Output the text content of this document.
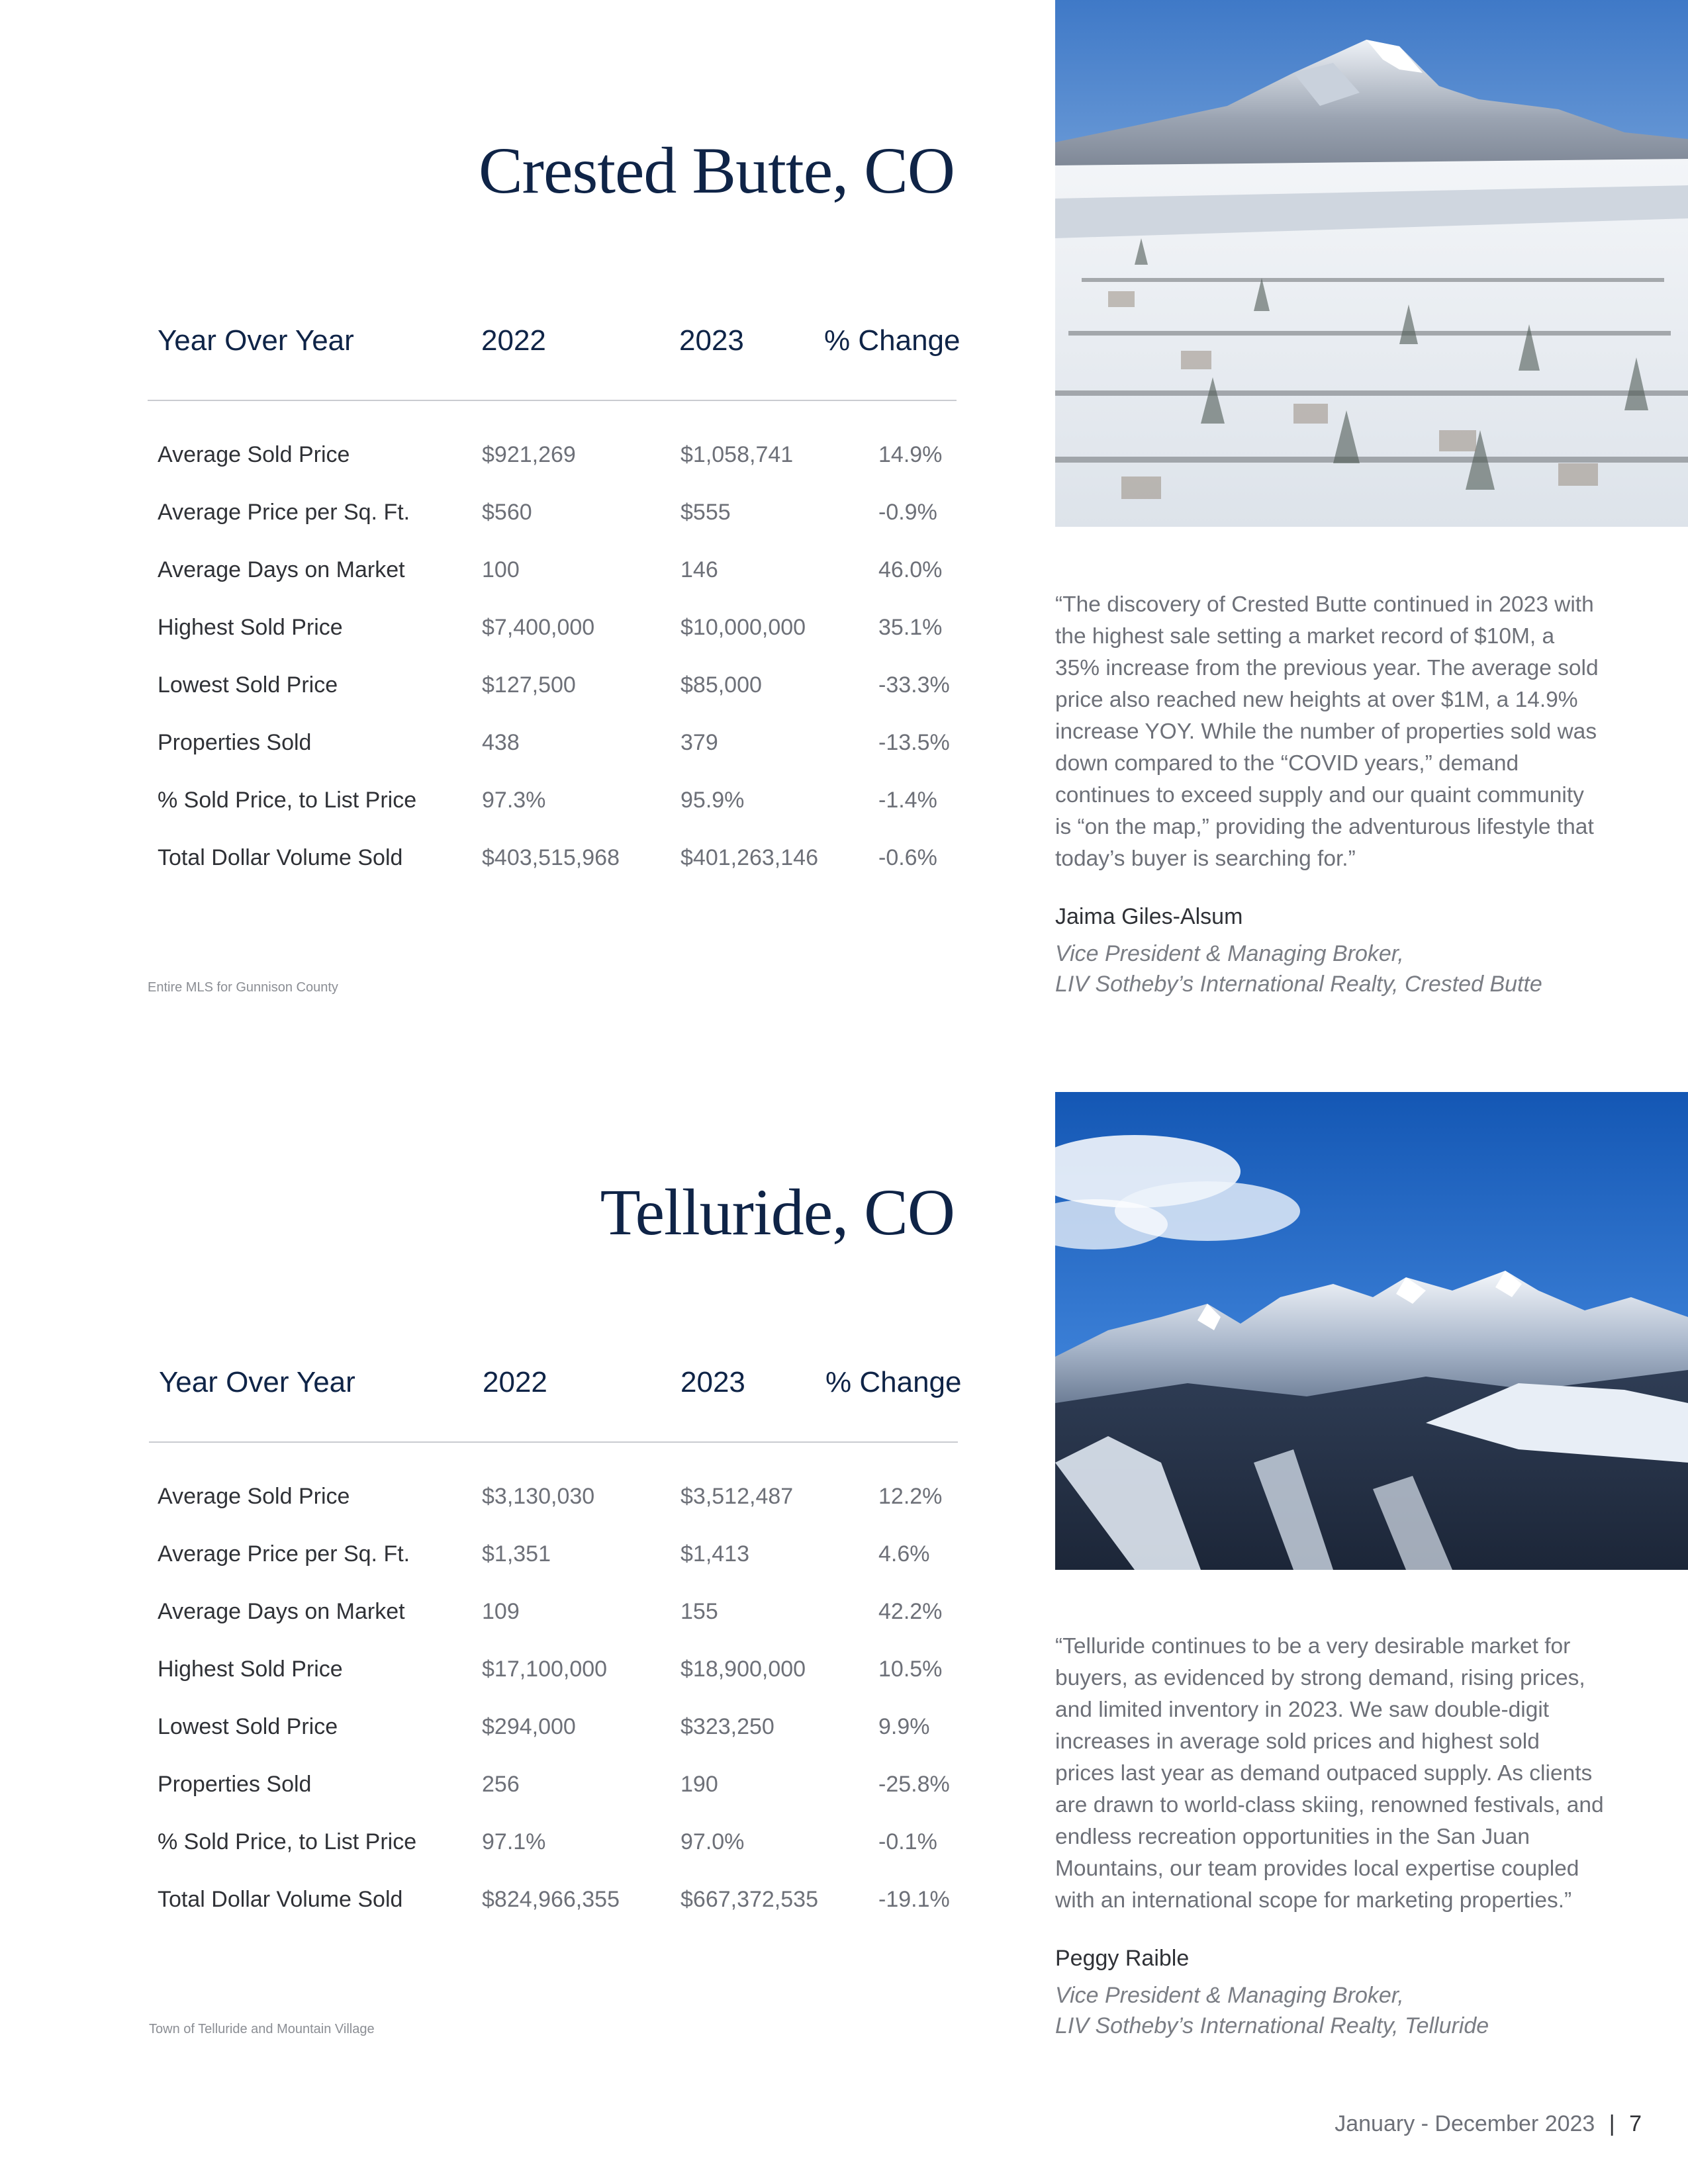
Crested Butte, CO
Year Over Year	2022	2023	% Change
Average Sold Price	$921,269	$1,058,741	14.9%
Average Price per Sq. Ft.	$560	$555	-0.9%
Average Days on Market	100	146	46.0%
Highest Sold Price	$7,400,000	$10,000,000	35.1%
Lowest Sold Price	$127,500	$85,000	-33.3%
Properties Sold	438	379	-13.5%
% Sold Price, to List Price	97.3%	95.9%	-1.4%
Total Dollar Volume Sold	$403,515,968	$401,263,146	-0.6%
Entire MLS for Gunnison County
“The discovery of Crested Butte continued in 2023 with the highest sale setting a market record of $10M, a 35% increase from the previous year. The average sold price also reached new heights at over $1M, a 14.9% increase YOY. While the number of properties sold was down compared to the “COVID years,” demand continues to exceed supply and our quaint community is “on the map,” providing the adventurous lifestyle that today’s buyer is searching for.”
Jaima Giles-Alsum
Vice President & Managing Broker,
LIV Sotheby’s International Realty, Crested Butte
Telluride, CO
Year Over Year	2022	2023	% Change
Average Sold Price	$3,130,030	$3,512,487	12.2%
Average Price per Sq. Ft.	$1,351	$1,413	4.6%
Average Days on Market	109	155	42.2%
Highest Sold Price	$17,100,000	$18,900,000	10.5%
Lowest Sold Price	$294,000	$323,250	9.9%
Properties Sold	256	190	-25.8%
% Sold Price, to List Price	97.1%	97.0%	-0.1%
Total Dollar Volume Sold	$824,966,355	$667,372,535	-19.1%
Town of Telluride and Mountain Village
“Telluride continues to be a very desirable market for buyers, as evidenced by strong demand, rising prices, and limited inventory in 2023. We saw double-digit increases in average sold prices and highest sold prices last year as demand outpaced supply. As clients are drawn to world-class skiing, renowned festivals, and endless recreation opportunities in the San Juan Mountains, our team provides local expertise coupled with an international scope for marketing properties.”
Peggy Raible
Vice President & Managing Broker,
LIV Sotheby’s International Realty, Telluride
January - December 2023 | 7
